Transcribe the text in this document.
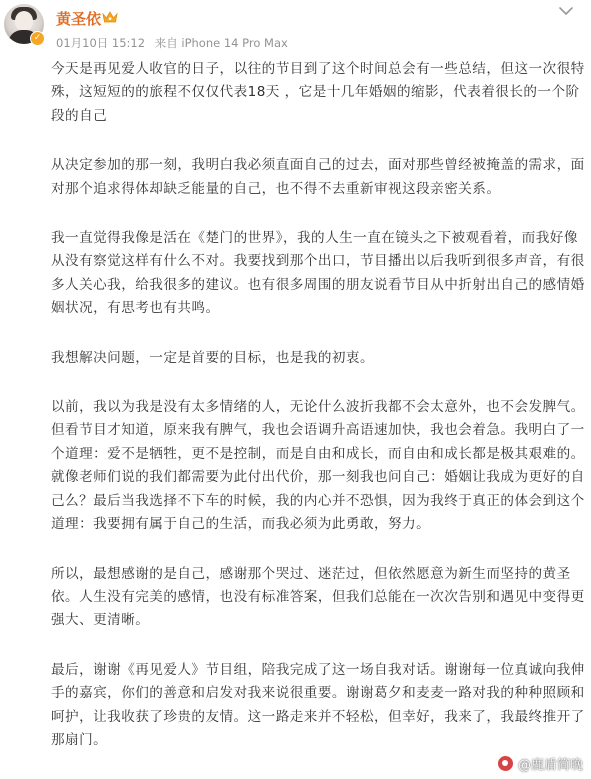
✓
黄圣依
01月10日 15:12 来自 iPhone 14 Pro Max

今天是再见爱人收官的日子，以往的节目到了这个时间总会有一些总结，但这一次很特殊，这短短的的旅程不仅仅代表18天 ，它是十几年婚姻的缩影，代表着很长的一个阶段的自己

从决定参加的那一刻，我明白我必须直面自己的过去，面对那些曾经被掩盖的需求，面对那个追求得体却缺乏能量的自己，也不得不去重新审视这段亲密关系。

我一直觉得我像是活在《楚门的世界》，我的人生一直在镜头之下被观看着，而我好像从没有察觉这样有什么不对。我要找到那个出口，节目播出以后我听到很多声音，有很多人关心我，给我很多的建议。也有很多周围的朋友说看节目从中折射出自己的感情婚姻状况，有思考也有共鸣。

我想解决问题，一定是首要的目标，也是我的初衷。

以前，我以为我是没有太多情绪的人，无论什么波折我都不会太意外，也不会发脾气。但看节目才知道，原来我有脾气，我也会语调升高语速加快，我也会着急。我明白了一个道理：爱不是牺牲，更不是控制，而是自由和成长，而自由和成长都是极其艰难的。就像老师们说的我们都需要为此付出代价，那一刻我也问自己：婚姻让我成为更好的自己么？最后当我选择不下车的时候，我的内心并不恐惧，因为我终于真正的体会到这个道理：我要拥有属于自己的生活，而我必须为此勇敢，努力。

所以，最想感谢的是自己，感谢那个哭过、迷茫过，但依然愿意为新生而坚持的黄圣依。人生没有完美的感情，也没有标准答案，但我们总能在一次次告别和遇见中变得更强大、更清晰。

最后，谢谢《再见爱人》节目组，陪我完成了这一场自我对话。谢谢每一位真诚向我伸手的嘉宾，你们的善意和启发对我来说很重要。谢谢葛夕和麦麦一路对我的种种照顾和呵护，让我收获了珍贵的友情。这一路走来并不轻松，但幸好，我来了，我最终推开了那扇门。

@鹿盾简晚
